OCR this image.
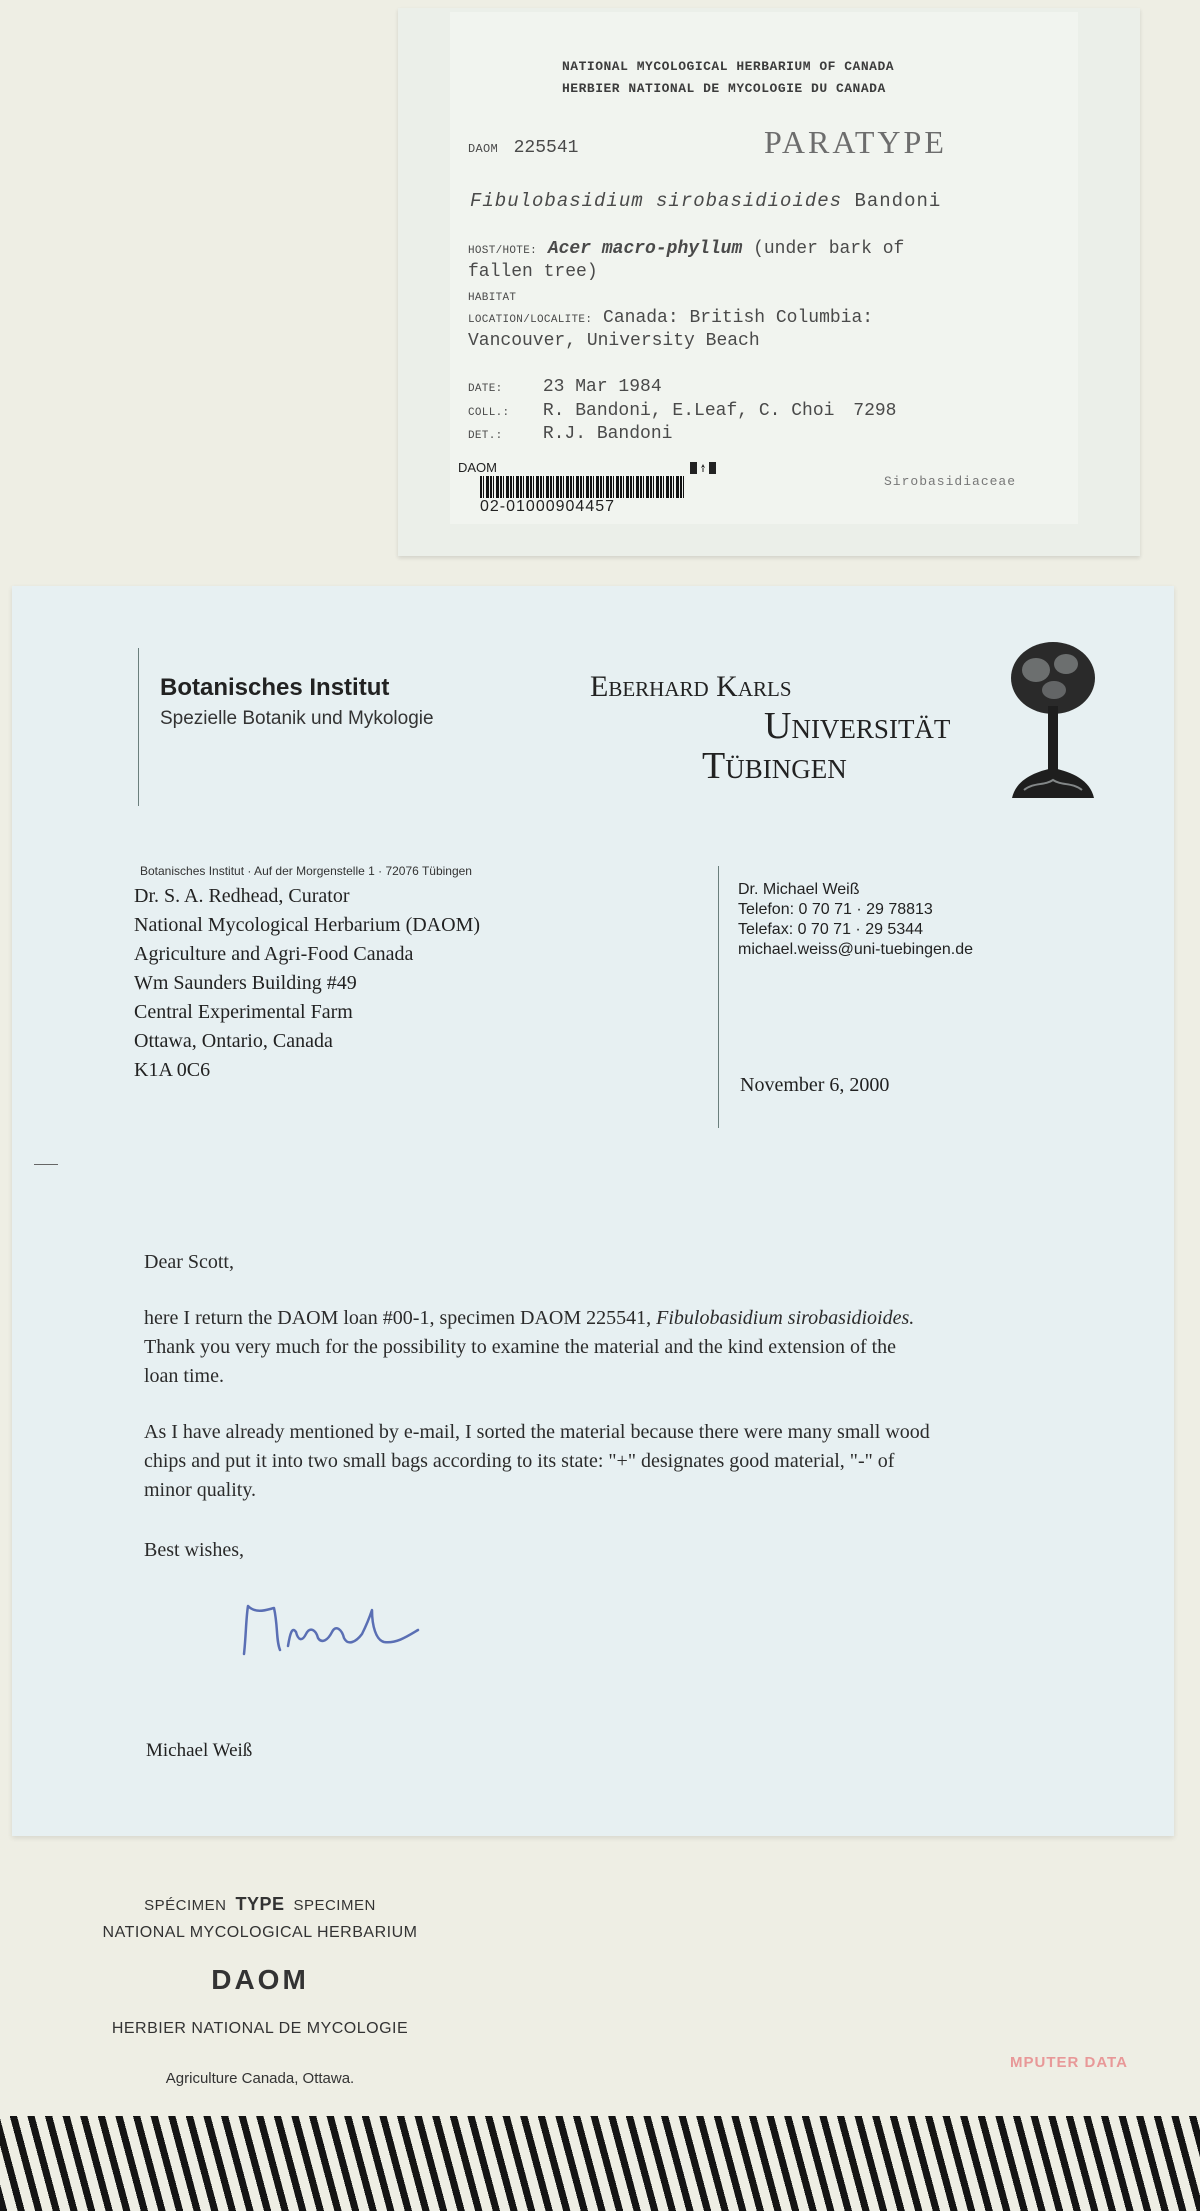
NATIONAL MYCOLOGICAL HERBARIUM OF CANADA
HERBIER NATIONAL DE MYCOLOGIE DU CANADA
DAOM 225541	PARATYPE
Fibulobasidium sirobasidioides Bandoni
HOST/HOTE: Acer macro-phyllum (under bark of
fallen tree)
HABITAT
LOCATION/LOCALITE: Canada: British Columbia:
Vancouver, University Beach
DATE: 23 Mar 1984
COLL.: R. Bandoni, E.Leaf, C. Choi 7298
DET.: R.J. Bandoni
Sirobasidiaceae
DAOM
02-01000904457
Botanisches Institut
Spezielle Botanik und Mykologie
Eberhard Karls
Universität
Tübingen
Botanisches Institut · Auf der Morgenstelle 1 · 72076 Tübingen
Dr. S. A. Redhead, Curator
National Mycological Herbarium (DAOM)
Agriculture and Agri-Food Canada
Wm Saunders Building #49
Central Experimental Farm
Ottawa, Ontario, Canada
K1A 0C6
Dr. Michael Weiß
Telefon: 0 70 71 · 29 78813
Telefax: 0 70 71 · 29 5344
michael.weiss@uni-tuebingen.de
November 6, 2000
Dear Scott,
here I return the DAOM loan #00-1, specimen DAOM 225541, Fibulobasidium sirobasidioides.
Thank you very much for the possibility to examine the material and the kind extension of the
loan time.
As I have already mentioned by e-mail, I sorted the material because there were many small wood
chips and put it into two small bags according to its state: "+" designates good material, "-" of
minor quality.
Best wishes,
Michael Weiß
SPÉCIMEN TYPE SPECIMEN
NATIONAL MYCOLOGICAL HERBARIUM
DAOM
HERBIER NATIONAL DE MYCOLOGIE
Agriculture Canada, Ottawa.
MPUTER DATA
